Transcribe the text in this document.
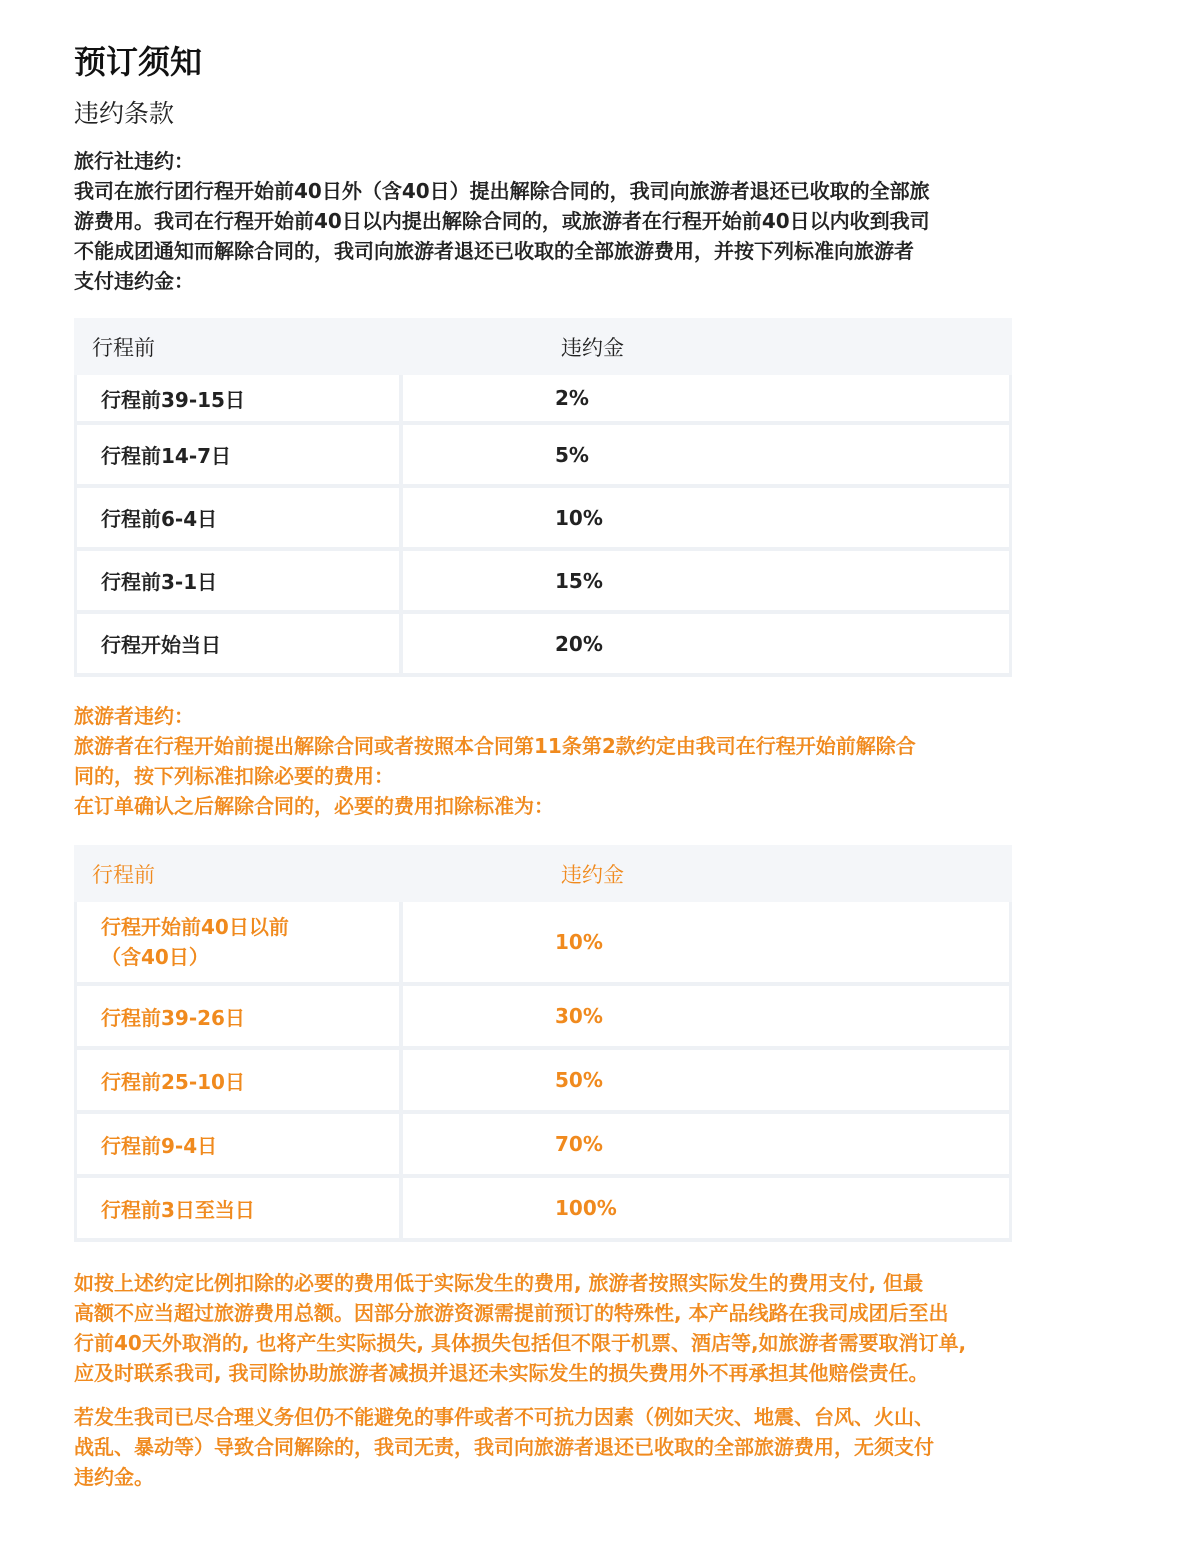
预订须知
违约条款
旅行社违约：
我司在旅行团行程开始前40日外（含40日）提出解除合同的，我司向旅游者退还已收取的全部旅
游费用。我司在行程开始前40日以内提出解除合同的，或旅游者在行程开始前40日以内收到我司
不能成团通知而解除合同的，我司向旅游者退还已收取的全部旅游费用，并按下列标准向旅游者
支付违约金：
行程前	违约金
行程前39-15日	2%
行程前14-7日	5%
行程前6-4日	10%
行程前3-1日	15%
行程开始当日	20%
旅游者违约：
旅游者在行程开始前提出解除合同或者按照本合同第11条第2款约定由我司在行程开始前解除合
同的，按下列标准扣除必要的费用：
在订单确认之后解除合同的，必要的费用扣除标准为：
行程前	违约金

行程开始前40日以前
（含40日）	10%
行程前39-26日	30%
行程前25-10日	50%
行程前9-4日	70%
行程前3日至当日	100%
如按上述约定比例扣除的必要的费用低于实际发生的费用, 旅游者按照实际发生的费用支付, 但最
高额不应当超过旅游费用总额。因部分旅游资源需提前预订的特殊性, 本产品线路在我司成团后至出
行前40天外取消的, 也将产生实际损失, 具体损失包括但不限于机票、酒店等,如旅游者需要取消订单,
应及时联系我司, 我司除协助旅游者减损并退还未实际发生的损失费用外不再承担其他赔偿责任。
若发生我司已尽合理义务但仍不能避免的事件或者不可抗力因素（例如天灾、地震、台风、火山、
战乱、暴动等）导致合同解除的，我司无责，我司向旅游者退还已收取的全部旅游费用，无须支付
违约金。
